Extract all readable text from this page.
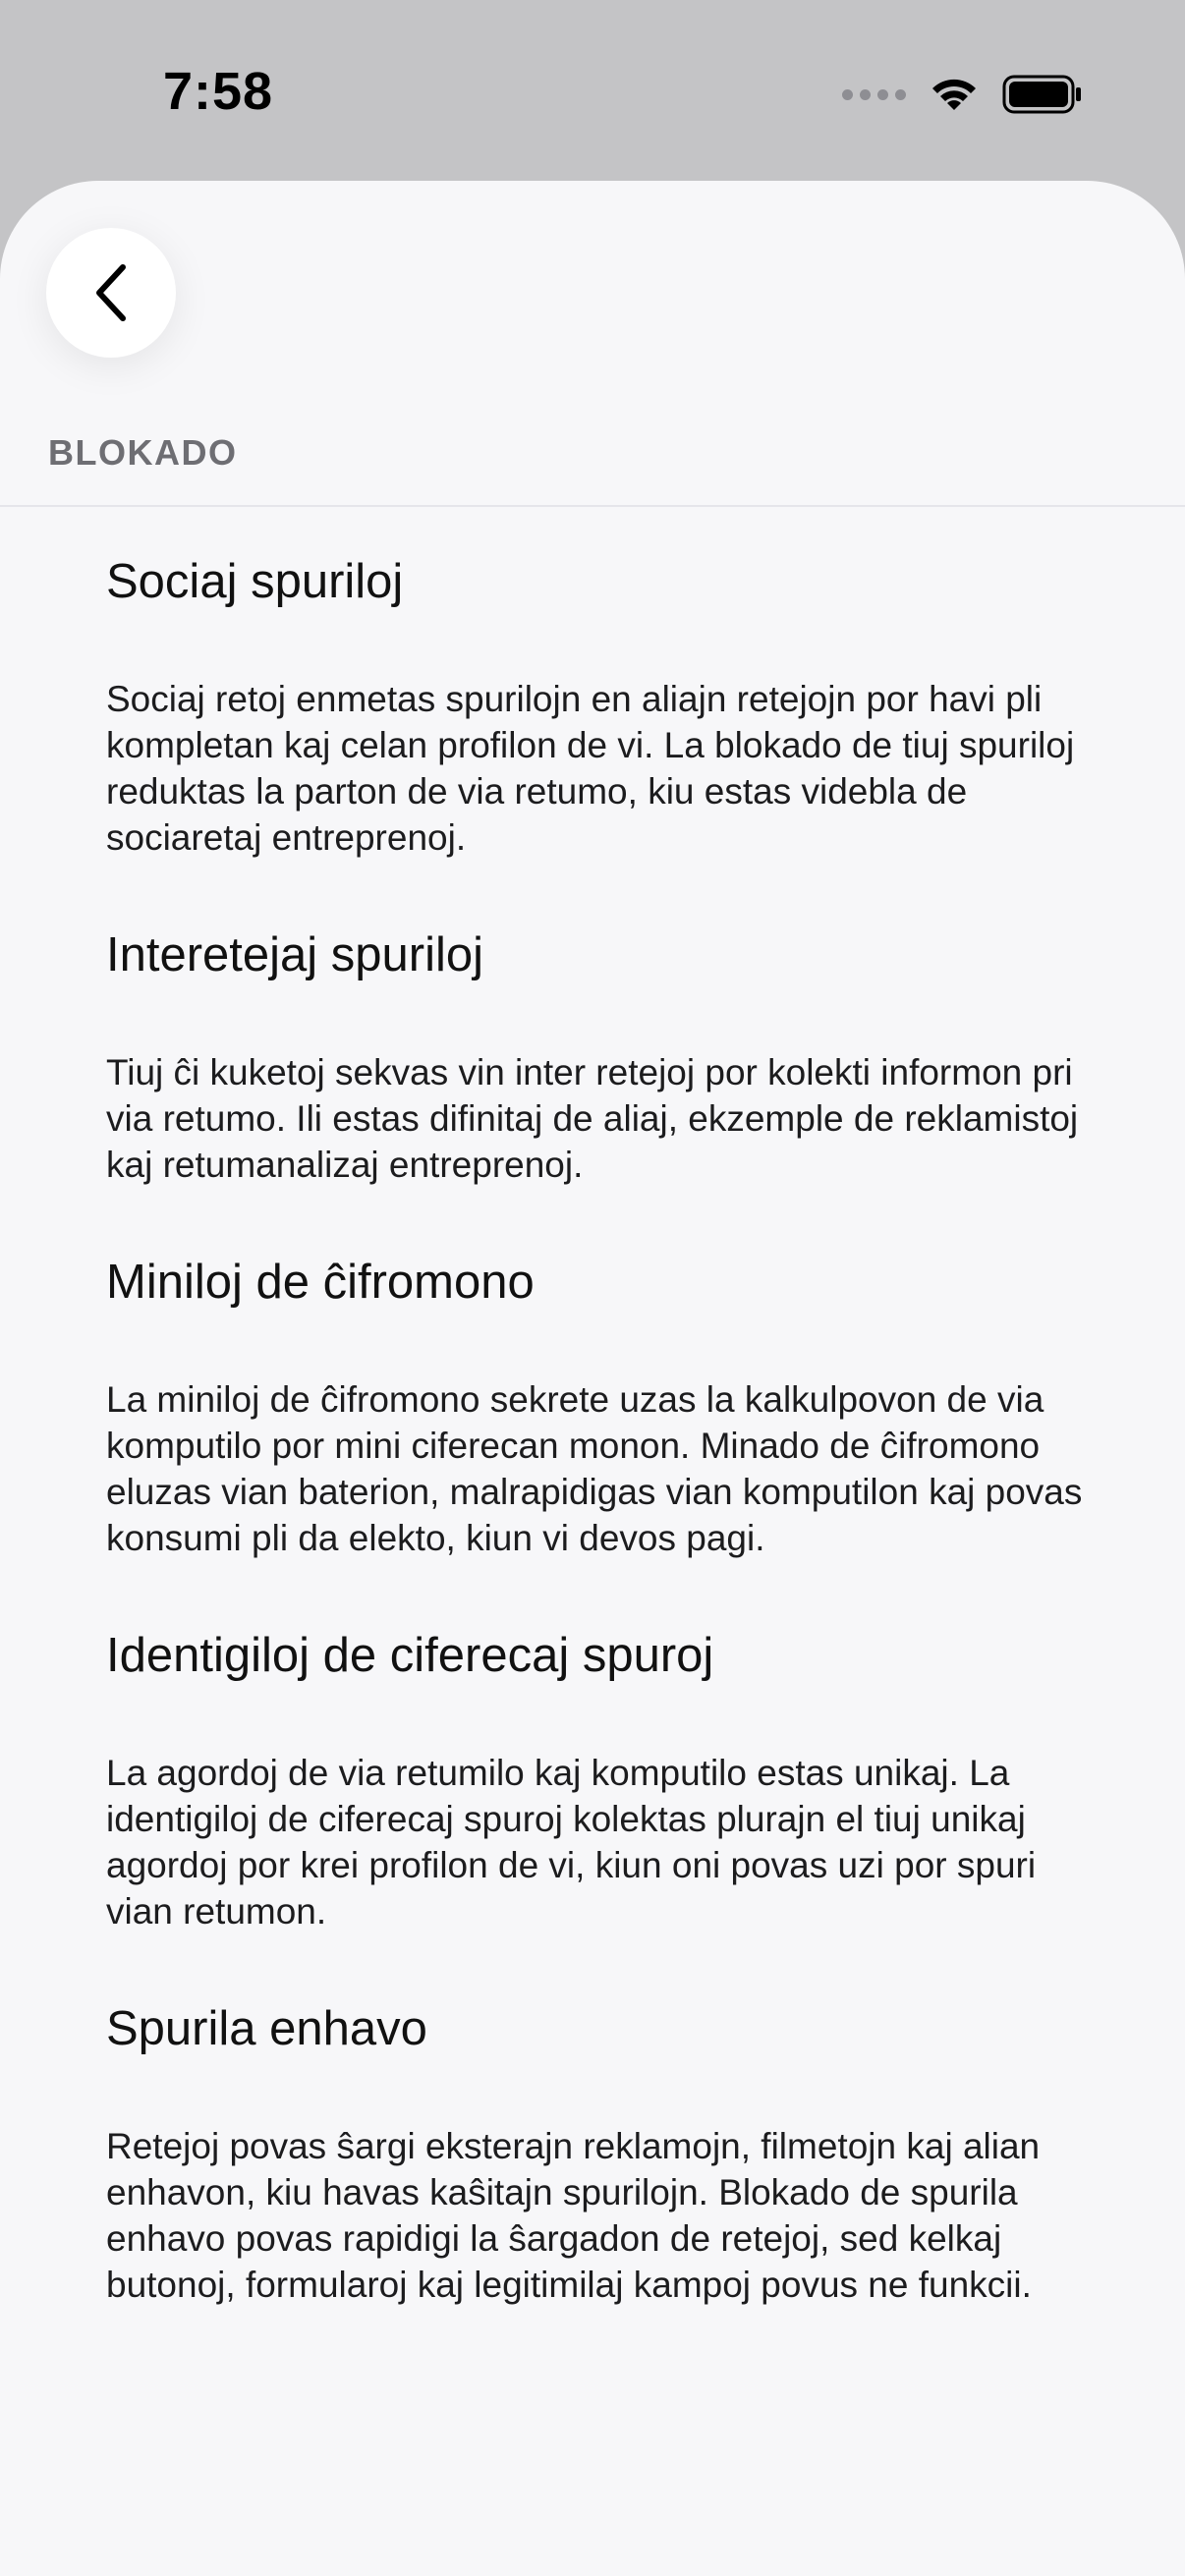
7:58
BLOKADO
Sociaj spuriloj
Sociaj retoj enmetas spurilojn en aliajn retejojn por havi pli kompletan kaj celan profilon de vi. La blokado de tiuj spuriloj reduktas la parton de via retumo, kiu estas videbla de sociaretaj entreprenoj.
Interetejaj spuriloj
Tiuj ĉi kuketoj sekvas vin inter retejoj por kolekti informon pri via retumo. Ili estas difinitaj de aliaj, ekzemple de reklamistoj kaj retumanalizaj entreprenoj.
Miniloj de ĉifromono
La miniloj de ĉifromono sekrete uzas la kalkulpovon de via komputilo por mini ciferecan monon. Minado de ĉifromono eluzas vian baterion, malrapidigas vian komputilon kaj povas konsumi pli da elekto, kiun vi devos pagi.
Identigiloj de ciferecaj spuroj
La agordoj de via retumilo kaj komputilo estas unikaj. La identigiloj de ciferecaj spuroj kolektas plurajn el tiuj unikaj agordoj por krei profilon de vi, kiun oni povas uzi por spuri vian retumon.
Spurila enhavo
Retejoj povas ŝargi eksterajn reklamojn, filmetojn kaj alian enhavon, kiu havas kaŝitajn spurilojn. Blokado de spurila enhavo povas rapidigi la ŝargadon de retejoj, sed kelkaj butonoj, formularoj kaj legitimilaj kampoj povus ne funkcii.
